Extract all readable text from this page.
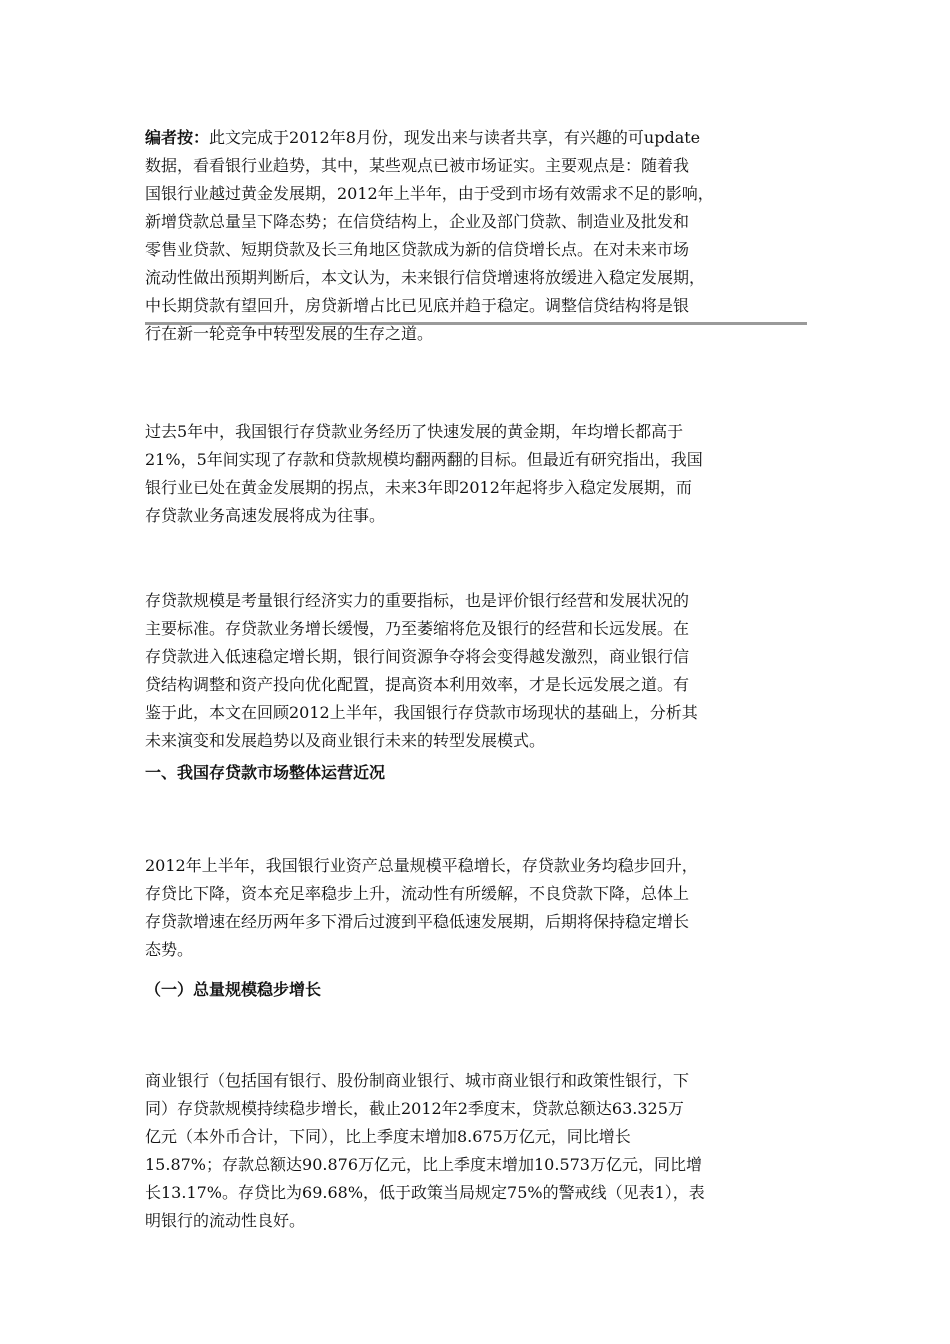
编者按：此文完成于2012年8月份，现发出来与读者共享，有兴趣的可update
数据，看看银行业趋势，其中，某些观点已被市场证实。主要观点是：随着我
国银行业越过黄金发展期，2012年上半年，由于受到市场有效需求不足的影响，
新增贷款总量呈下降态势；在信贷结构上，企业及部门贷款、制造业及批发和
零售业贷款、短期贷款及长三角地区贷款成为新的信贷增长点。在对未来市场
流动性做出预期判断后，本文认为，未来银行信贷增速将放缓进入稳定发展期，
中长期贷款有望回升，房贷新增占比已见底并趋于稳定。调整信贷结构将是银
行在新一轮竞争中转型发展的生存之道。
过去5年中，我国银行存贷款业务经历了快速发展的黄金期，年均增长都高于
21%，5年间实现了存款和贷款规模均翻两翻的目标。但最近有研究指出，我国
银行业已处在黄金发展期的拐点，未来3年即2012年起将步入稳定发展期，而
存贷款业务高速发展将成为往事。
存贷款规模是考量银行经济实力的重要指标，也是评价银行经营和发展状况的
主要标准。存贷款业务增长缓慢，乃至萎缩将危及银行的经营和长远发展。在
存贷款进入低速稳定增长期，银行间资源争夺将会变得越发激烈，商业银行信
贷结构调整和资产投向优化配置，提高资本利用效率，才是长远发展之道。有
鉴于此，本文在回顾2012上半年，我国银行存贷款市场现状的基础上，分析其
未来演变和发展趋势以及商业银行未来的转型发展模式。
一、我国存贷款市场整体运营近况
2012年上半年，我国银行业资产总量规模平稳增长，存贷款业务均稳步回升，
存贷比下降，资本充足率稳步上升，流动性有所缓解，不良贷款下降，总体上
存贷款增速在经历两年多下滑后过渡到平稳低速发展期，后期将保持稳定增长
态势。
（一）总量规模稳步增长
商业银行（包括国有银行、股份制商业银行、城市商业银行和政策性银行，下
同）存贷款规模持续稳步增长，截止2012年2季度末，贷款总额达63.325万
亿元（本外币合计，下同），比上季度末增加8.675万亿元，同比增长
15.87%；存款总额达90.876万亿元，比上季度末增加10.573万亿元，同比增
长13.17%。存贷比为69.68%，低于政策当局规定75%的警戒线（见表1），表
明银行的流动性良好。
